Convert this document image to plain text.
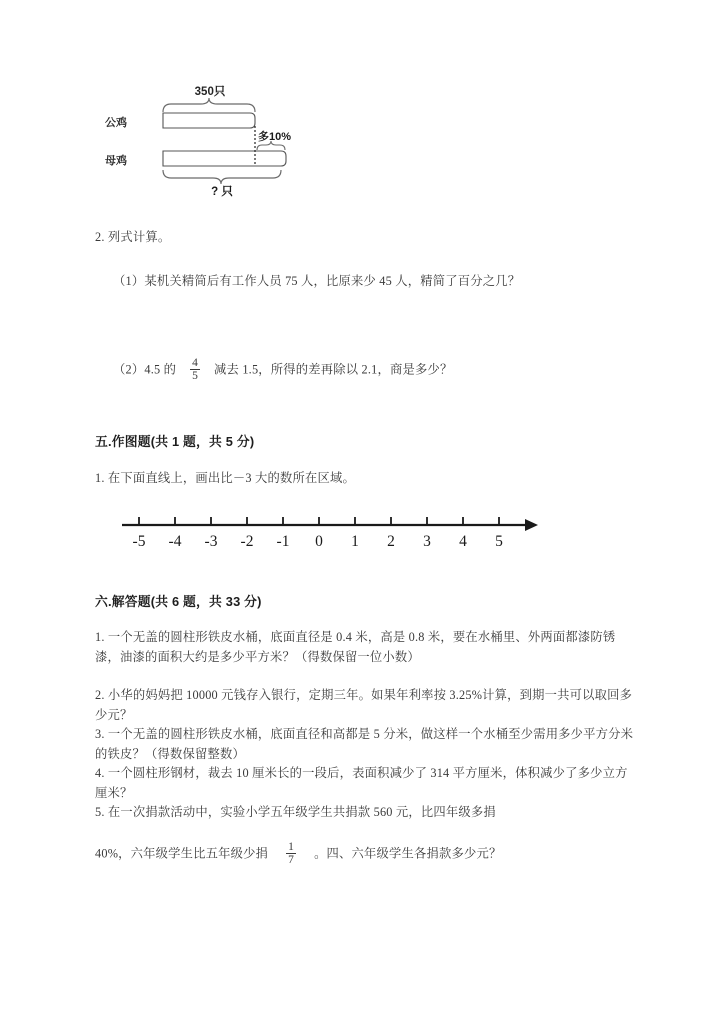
350只
公鸡
母鸡
多10%
? 只

2. 列式计算。

（1）某机关精简后有工作人员 75 人，比原来少 45 人，精简了百分之几？

（2）4.5 的 $\frac{4}{5}$ 减去 1.5，所得的差再除以 2.1，商是多少？

五.作图题(共 1 题，共 5 分)

1. 在下面直线上，画出比－3 大的数所在区域。

-5 -4 -3 -2 -1 0 1 2 3 4 5
六.解答题(共 6 题，共 33 分)

1. 一个无盖的圆柱形铁皮水桶，底面直径是 0.4 米，高是 0.8 米，要在水桶里、外两面都漆防锈漆，油漆的面积大约是多少平方米？（得数保留一位小数）

2. 小华的妈妈把 10000 元钱存入银行，定期三年。如果年利率按 3.25%计算，到期一共可以取回多少元？

3. 一个无盖的圆柱形铁皮水桶，底面直径和高都是 5 分米，做这样一个水桶至少需用多少平方分米的铁皮？（得数保留整数）

4. 一个圆柱形钢材，裁去 10 厘米长的一段后，表面积减少了 314 平方厘米，体积减少了多少立方厘米？

5. 在一次捐款活动中，实验小学五年级学生共捐款 560 元，比四年级多捐

40%，六年级学生比五年级少捐 $\frac{1}{7}$ 。四、六年级学生各捐款多少元？
